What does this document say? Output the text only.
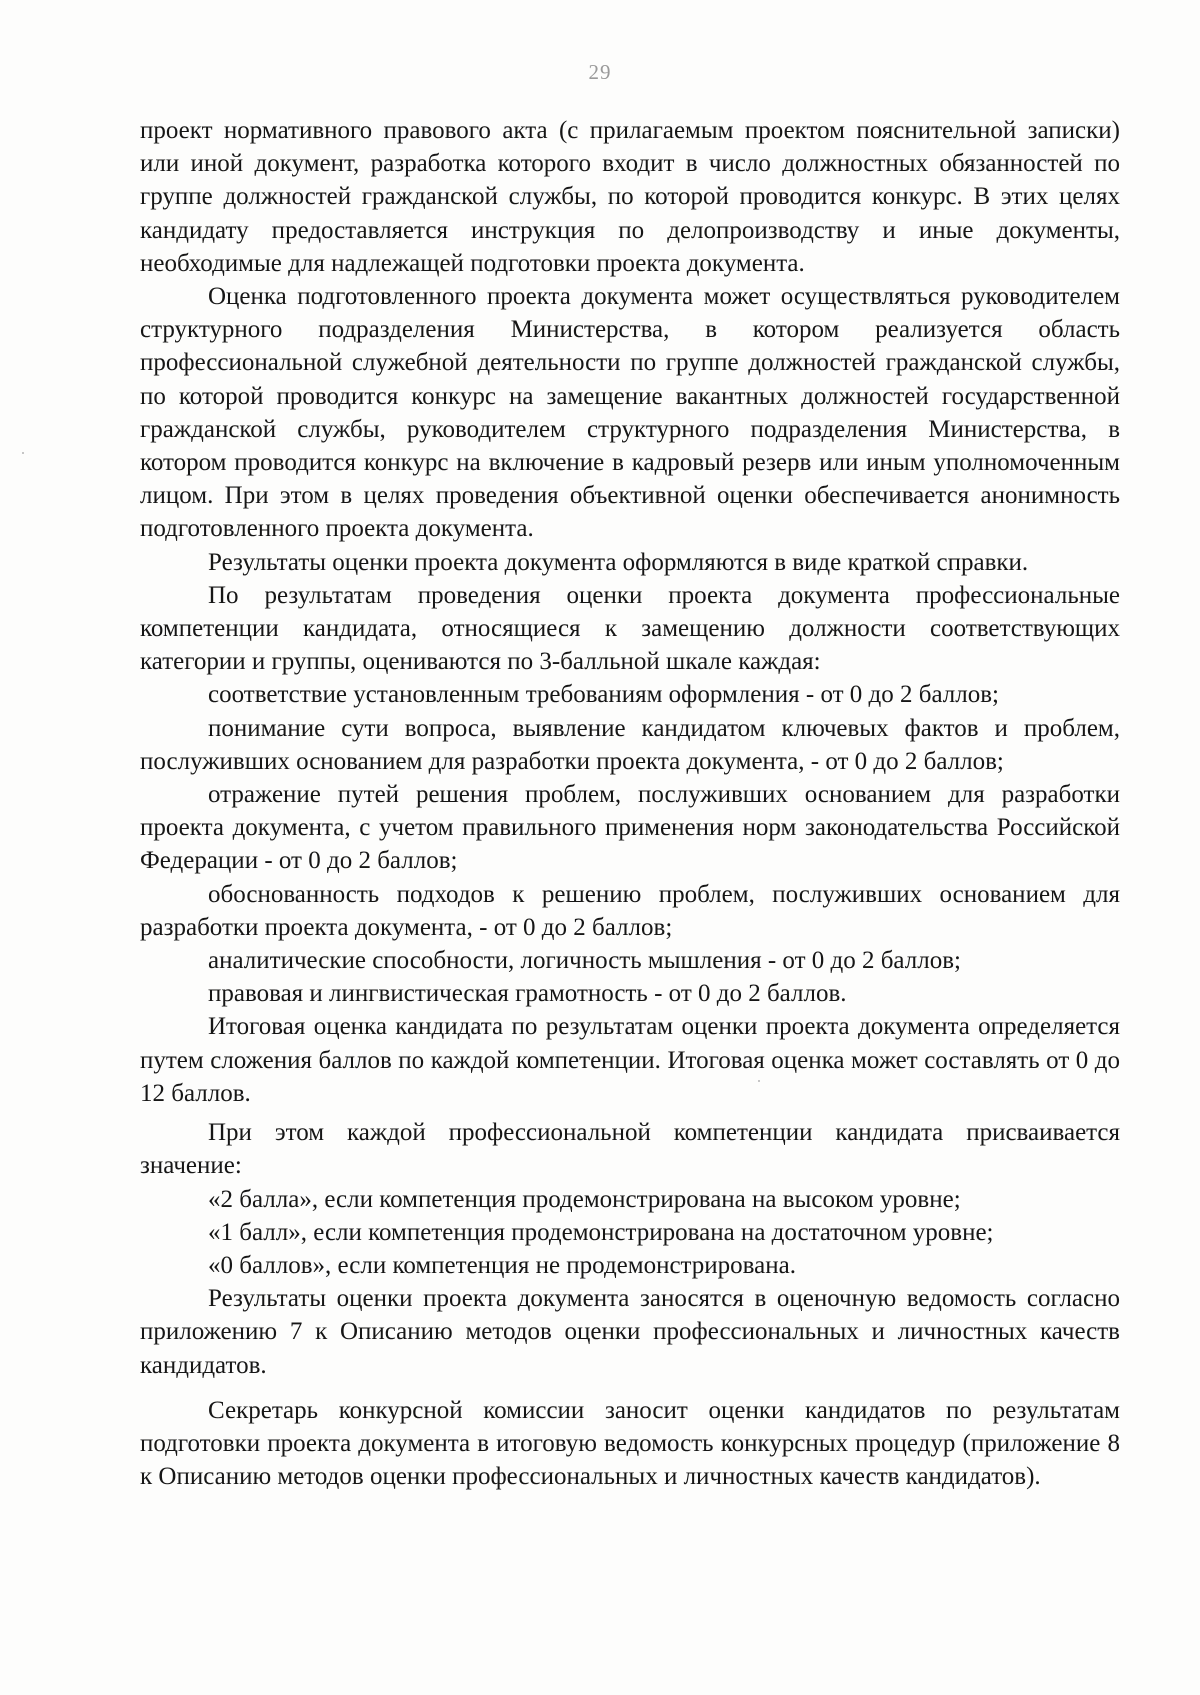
29

проект нормативного правового акта (с прилагаемым проектом пояснительной записки) или иной документ, разработка которого входит в число должностных обязанностей по группе должностей гражданской службы, по которой проводится конкурс. В этих целях кандидату предоставляется инструкция по делопроизводству и иные документы, необходимые для надлежащей подготовки проекта документа.

Оценка подготовленного проекта документа может осуществляться руководителем структурного подразделения Министерства, в котором реализуется область профессиональной служебной деятельности по группе должностей гражданской службы, по которой проводится конкурс на замещение вакантных должностей государственной гражданской службы, руководителем структурного подразделения Министерства, в котором проводится конкурс на включение в кадровый резерв или иным уполномоченным лицом. При этом в целях проведения объективной оценки обеспечивается анонимность подготовленного проекта документа.

Результаты оценки проекта документа оформляются в виде краткой справки.

По результатам проведения оценки проекта документа профессиональные компетенции кандидата, относящиеся к замещению должности соответствующих категории и группы, оцениваются по 3-балльной шкале каждая:

соответствие установленным требованиям оформления - от 0 до 2 баллов;

понимание сути вопроса, выявление кандидатом ключевых фактов и проблем, послуживших основанием для разработки проекта документа, - от 0 до 2 баллов;

отражение путей решения проблем, послуживших основанием для разработки проекта документа, с учетом правильного применения норм законодательства Российской Федерации - от 0 до 2 баллов;

обоснованность подходов к решению проблем, послуживших основанием для разработки проекта документа, - от 0 до 2 баллов;

аналитические способности, логичность мышления - от 0 до 2 баллов;

правовая и лингвистическая грамотность - от 0 до 2 баллов.

Итоговая оценка кандидата по результатам оценки проекта документа определяется путем сложения баллов по каждой компетенции. Итоговая оценка может составлять от 0 до 12 баллов.

При этом каждой профессиональной компетенции кандидата присваивается значение:

«2 балла», если компетенция продемонстрирована на высоком уровне;

«1 балл», если компетенция продемонстрирована на достаточном уровне;

«0 баллов», если компетенция не продемонстрирована.

Результаты оценки проекта документа заносятся в оценочную ведомость согласно приложению 7 к Описанию методов оценки профессиональных и личностных качеств кандидатов.

Секретарь конкурсной комиссии заносит оценки кандидатов по результатам подготовки проекта документа в итоговую ведомость конкурсных процедур (приложение 8 к Описанию методов оценки профессиональных и личностных качеств кандидатов).
